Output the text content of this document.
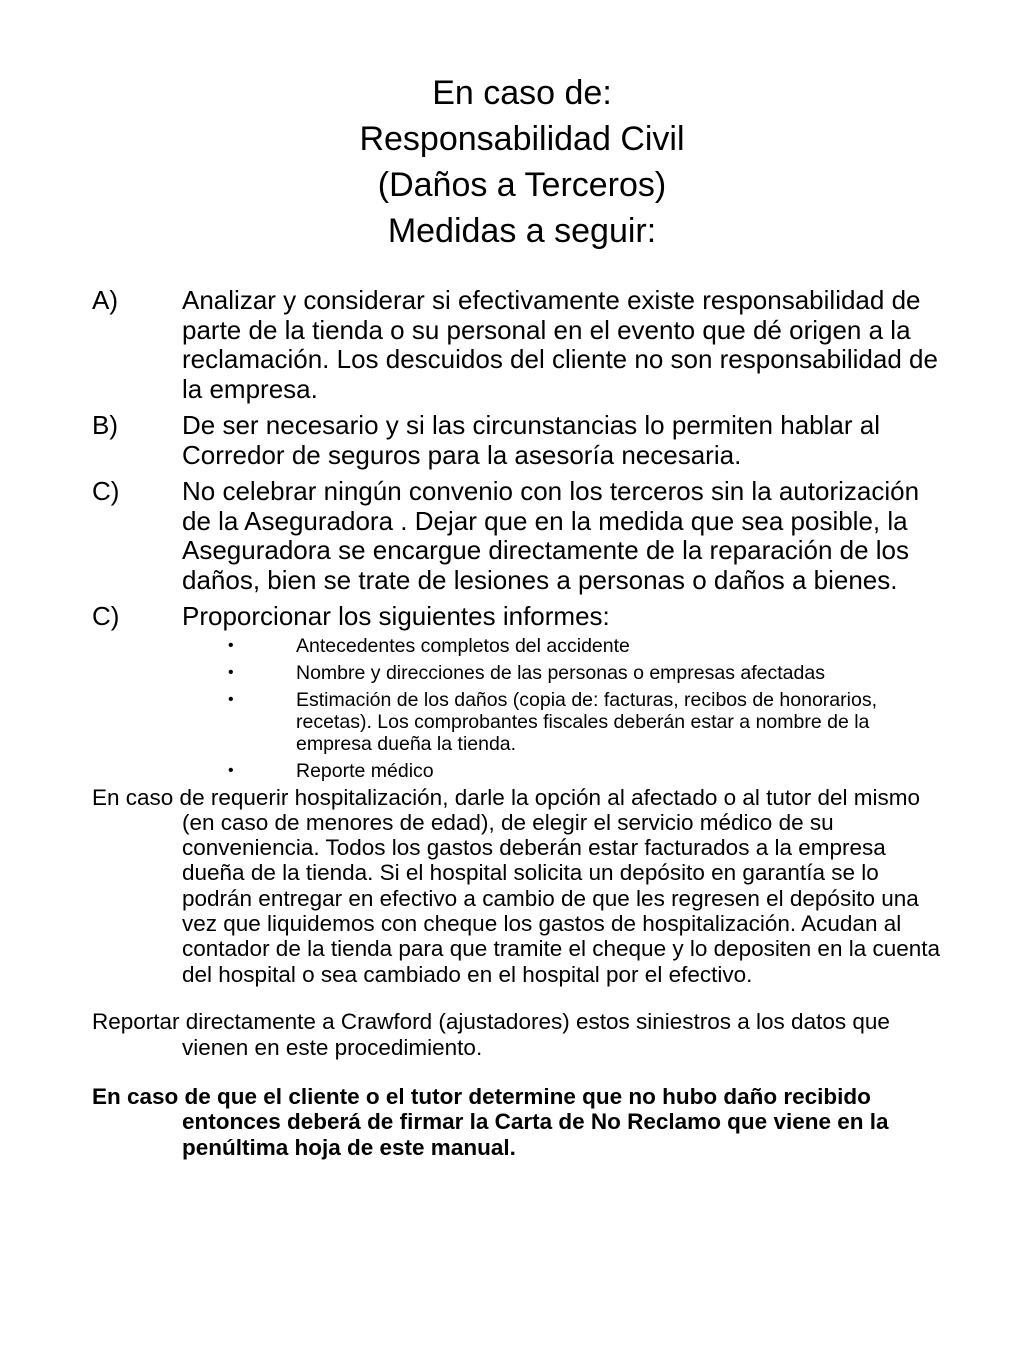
En caso de:
Responsabilidad Civil
(Daños a Terceros)
Medidas a seguir:
A)	Analizar y considerar si efectivamente existe responsabilidad de parte de la tienda o su personal en el evento que dé origen a la reclamación. Los descuidos del cliente no son responsabilidad de la empresa.
B)	De ser necesario y si las circunstancias lo permiten hablar al Corredor de seguros para la asesoría necesaria.
C)	No celebrar ningún convenio con los terceros sin la autorización de la Aseguradora . Dejar que en la medida que sea posible, la Aseguradora se encargue directamente de la reparación de los daños, bien se trate de lesiones a personas o daños a bienes.
C)	Proporcionar los siguientes informes:
•	Antecedentes completos del accidente
•	Nombre y direcciones de las personas o empresas afectadas
•	Estimación de los daños (copia de: facturas, recibos de honorarios, recetas). Los comprobantes fiscales deberán estar a nombre de la empresa dueña la tienda.
•	Reporte médico

En caso de requerir hospitalización, darle la opción al afectado o al tutor del mismo (en caso de menores de edad), de elegir el servicio médico de su conveniencia. Todos los gastos deberán estar facturados a la empresa dueña de la tienda. Si el hospital solicita un depósito en garantía se lo podrán entregar en efectivo a cambio de que les regresen el depósito una vez que liquidemos con cheque los gastos de hospitalización. Acudan al contador de la tienda para que tramite el cheque y lo depositen en la cuenta del hospital o sea cambiado en el hospital por el efectivo.

Reportar directamente a Crawford (ajustadores) estos siniestros a los datos que vienen en este procedimiento.

En caso de que el cliente o el tutor determine que no hubo daño recibido entonces deberá de firmar la Carta de No Reclamo que viene en la penúltima hoja de este manual.
